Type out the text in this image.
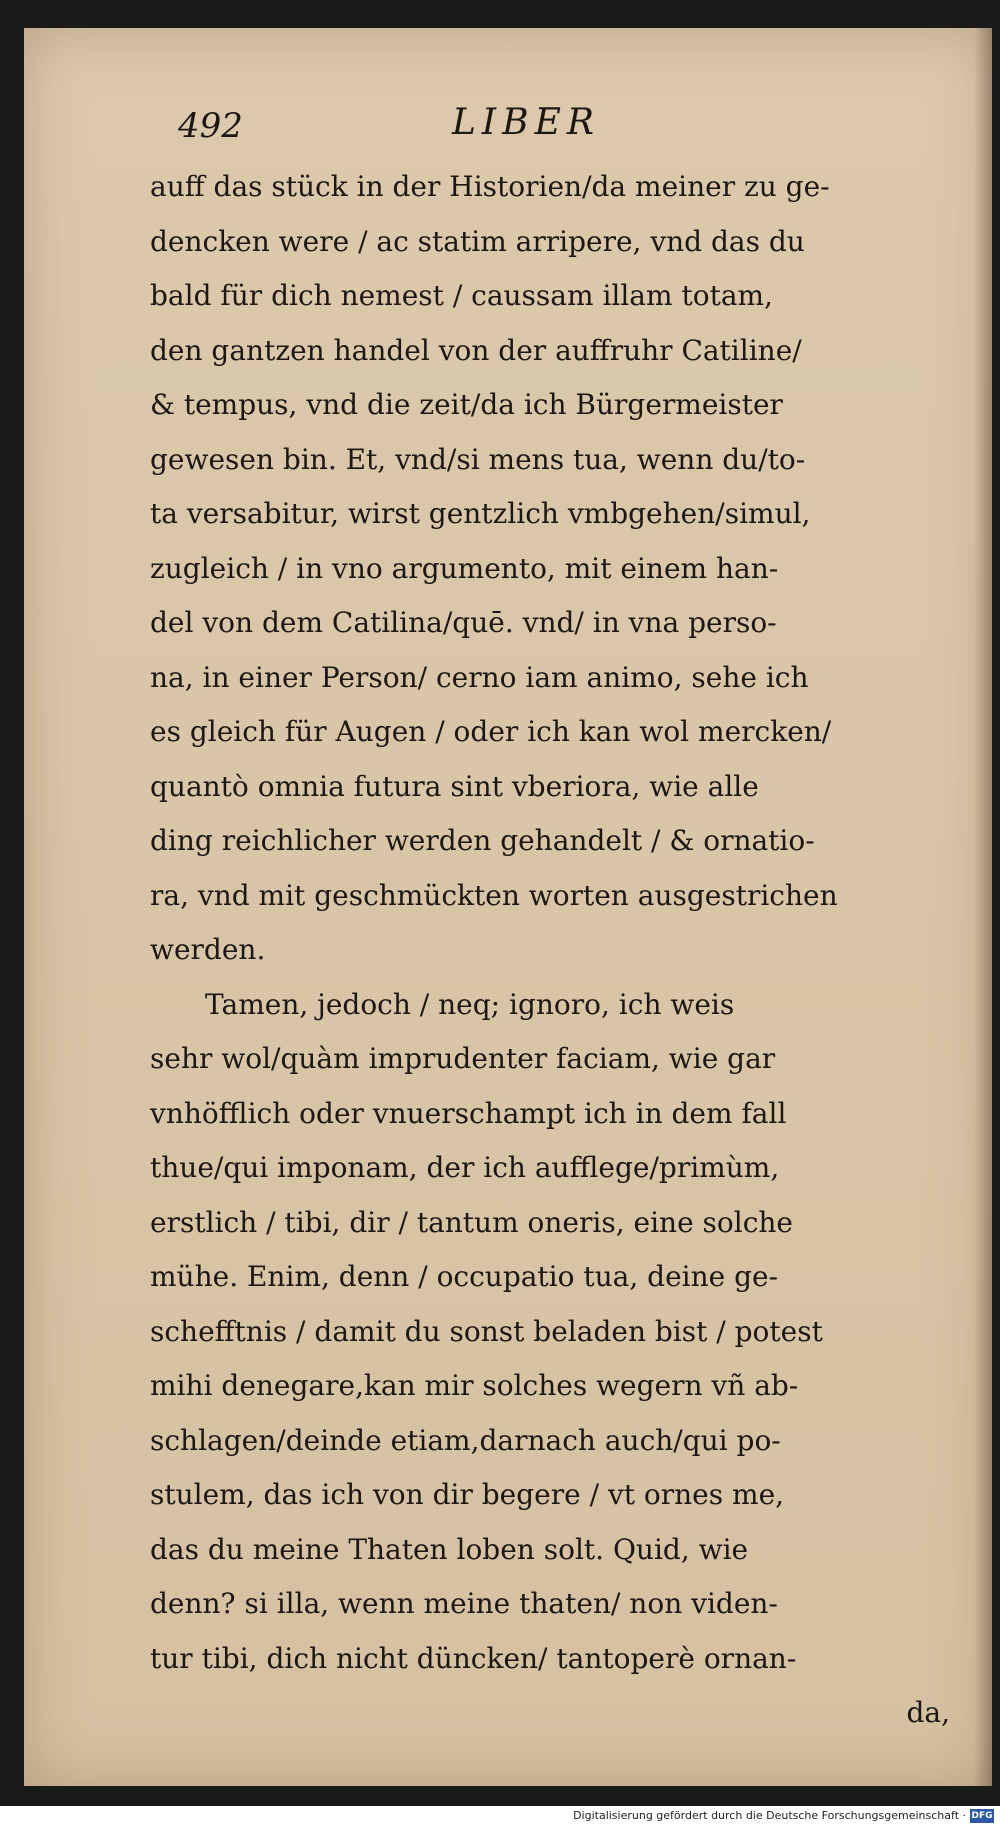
492	LIBER
auff das stück in der Historien/da meiner zu ge-
dencken were / ac statim arripere, vnd das du
bald für dich nemest / caussam illam totam,
den gantzen handel von der auffruhr Catiline/
& tempus, vnd die zeit/da ich Bürgermeister
gewesen bin. Et, vnd/si mens tua, wenn du/to-
ta versabitur, wirst gentzlich vmbgehen/simul,
zugleich / in vno argumento, mit einem han-
del von dem Catilina/quē. vnd/ in vna perso-
na, in einer Person/ cerno iam animo, sehe ich
es gleich für Augen / oder ich kan wol mercken/
quantò omnia futura sint vberiora, wie alle
ding reichlicher werden gehandelt / & ornatio-
ra, vnd mit geschmückten worten ausgestrichen
werden.
Tamen, jedoch / neq; ignoro, ich weis
sehr wol/quàm imprudenter faciam, wie gar
vnhöfflich oder vnuerschampt ich in dem fall
thue/qui imponam, der ich aufflege/primùm,
erstlich / tibi, dir / tantum oneris, eine solche
mühe. Enim, denn / occupatio tua, deine ge-
schefftnis / damit du sonst beladen bist / potest
mihi denegare,kan mir solches wegern vñ ab-
schlagen/deinde etiam,darnach auch/qui po-
stulem, das ich von dir begere / vt ornes me,
das du meine Thaten loben solt. Quid, wie
denn? si illa, wenn meine thaten/ non viden-
tur tibi, dich nicht düncken/ tantoperè ornan-
da,
Digitalisierung gefördert durch die Deutsche Forschungsgemeinschaft · DFG
